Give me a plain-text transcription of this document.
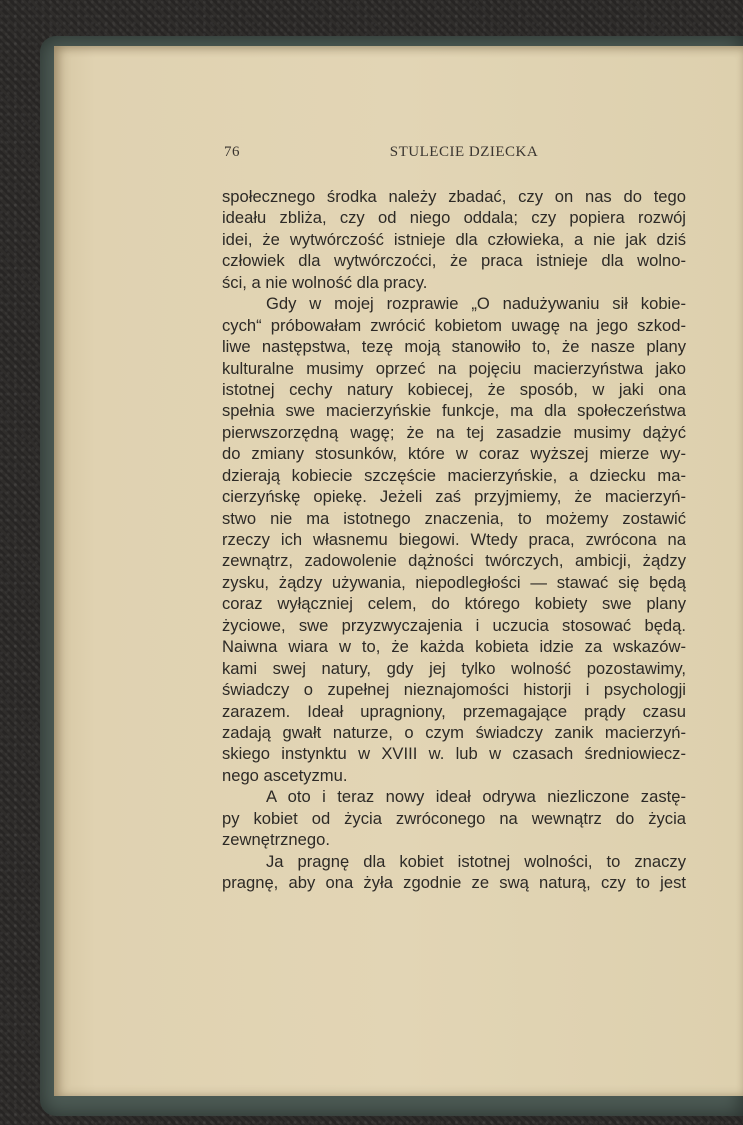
76	STULECIE DZIECKA
społecznego środka należy zbadać, czy on nas do tego
ideału zbliża, czy od niego oddala; czy popiera rozwój
idei, że wytwórczość istnieje dla człowieka, a nie jak dziś
człowiek dla wytwórczoćci, że praca istnieje dla wolno-
ści, a nie wolność dla pracy.
Gdy w mojej rozprawie „O nadużywaniu sił kobie-
cych“ próbowałam zwrócić kobietom uwagę na jego szkod-
liwe następstwa, tezę moją stanowiło to, że nasze plany
kulturalne musimy oprzeć na pojęciu macierzyństwa jako
istotnej cechy natury kobiecej, że sposób, w jaki ona
spełnia swe macierzyńskie funkcje, ma dla społeczeństwa
pierwszorzędną wagę; że na tej zasadzie musimy dążyć
do zmiany stosunków, które w coraz wyższej mierze wy-
dzierają kobiecie szczęście macierzyńskie, a dziecku ma-
cierzyńskę opiekę. Jeżeli zaś przyjmiemy, że macierzyń-
stwo nie ma istotnego znaczenia, to możemy zostawić
rzeczy ich własnemu biegowi. Wtedy praca, zwrócona na
zewnątrz, zadowolenie dążności twórczych, ambicji, żądzy
zysku, żądzy używania, niepodległości — stawać się będą
coraz wyłączniej celem, do którego kobiety swe plany
życiowe, swe przyzwyczajenia i uczucia stosować będą.
Naiwna wiara w to, że każda kobieta idzie za wskazów-
kami swej natury, gdy jej tylko wolność pozostawimy,
świadczy o zupełnej nieznajomości historji i psychologji
zarazem. Ideał upragniony, przemagające prądy czasu
zadają gwałt naturze, o czym świadczy zanik macierzyń-
skiego instynktu w XVIII w. lub w czasach średniowiecz-
nego ascetyzmu.
A oto i teraz nowy ideał odrywa niezliczone zastę-
py kobiet od życia zwróconego na wewnątrz do życia
zewnętrznego.
Ja pragnę dla kobiet istotnej wolności, to znaczy
pragnę, aby ona żyła zgodnie ze swą naturą, czy to jest
